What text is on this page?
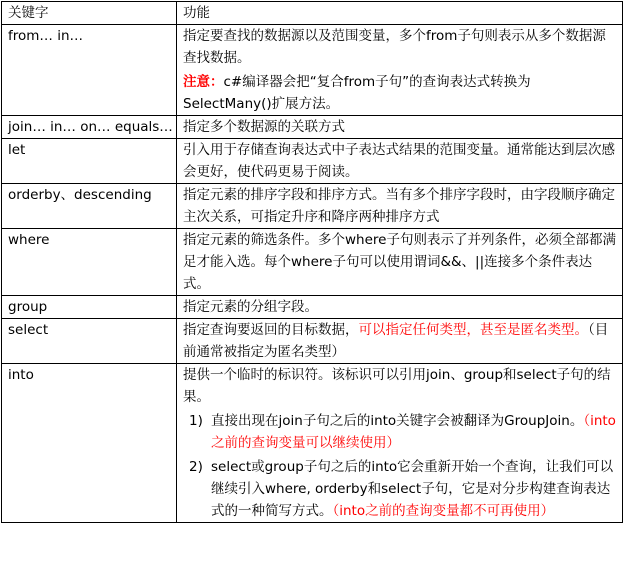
关键字	功能
from… in…	指定要查找的数据源以及范围变量，多个from子句则表示从多个数据源查找数据。
注意：c#编译器会把“复合from子句”的查询表达式转换为SelectMany()扩展方法。

join… in… on… equals…	指定多个数据源的关联方式
let	引入用于存储查询表达式中子表达式结果的范围变量。通常能达到层次感会更好，使代码更易于阅读。
orderby、descending	指定元素的排序字段和排序方式。当有多个排序字段时，由字段顺序确定主次关系，可指定升序和降序两种排序方式
where	指定元素的筛选条件。多个where子句则表示了并列条件，必须全部都满足才能入选。每个where子句可以使用谓词&&、||连接多个条件表达式。
group	指定元素的分组字段。
select	指定查询要返回的目标数据，可以指定任何类型，甚至是匿名类型。（目前通常被指定为匿名类型）
into	提供一个临时的标识符。该标识可以引用join、group和select子句的结果。
1) 直接出现在join子句之后的into关键字会被翻译为GroupJoin。（into之前的查询变量可以继续使用）
2) select或group子句之后的into它会重新开始一个查询，让我们可以继续引入where, orderby和select子句，它是对分步构建查询表达式的一种简写方式。（into之前的查询变量都不可再使用）
